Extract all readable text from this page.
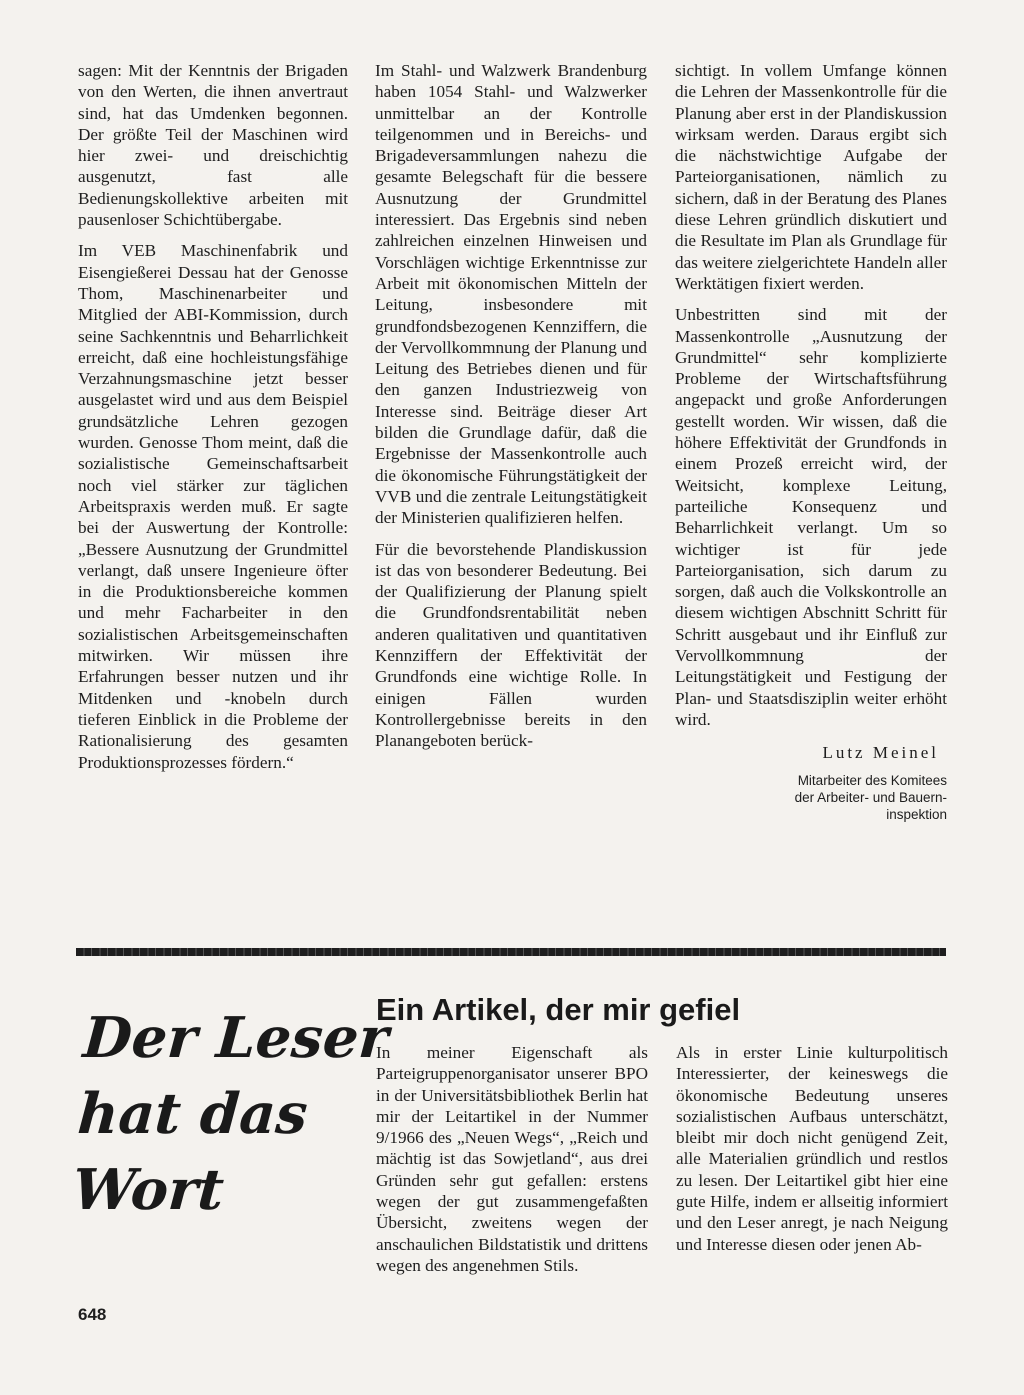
sagen: Mit der Kenntnis der Brigaden von den Werten, die ihnen anvertraut sind, hat das Umdenken begonnen. Der größte Teil der Maschinen wird hier zwei- und dreischichtig ausgenutzt, fast alle Bedienungskollektive arbeiten mit pausenloser Schichtübergabe.

Im VEB Maschinenfabrik und Eisengießerei Dessau hat der Genosse Thom, Maschinenarbeiter und Mitglied der ABI-Kommission, durch seine Sachkenntnis und Beharrlichkeit erreicht, daß eine hochleistungsfähige Verzahnungsmaschine jetzt besser ausgelastet wird und aus dem Beispiel grundsätzliche Lehren gezogen wurden. Genosse Thom meint, daß die sozialistische Gemeinschaftsarbeit noch viel stärker zur täglichen Arbeitspraxis werden muß. Er sagte bei der Auswertung der Kontrolle: „Bessere Ausnutzung der Grundmittel verlangt, daß unsere Ingenieure öfter in die Produktionsbereiche kommen und mehr Facharbeiter in den sozialistischen Arbeitsgemeinschaften mitwirken. Wir müssen ihre Erfahrungen besser nutzen und ihr Mitdenken und -knobeln durch tieferen Einblick in die Probleme der Rationalisierung des gesamten Produktionsprozesses fördern.“

Im Stahl- und Walzwerk Brandenburg haben 1054 Stahl- und Walzwerker unmittelbar an der Kontrolle teilgenommen und in Bereichs- und Brigadeversammlungen nahezu die gesamte Belegschaft für die bessere Ausnutzung der Grundmittel interessiert. Das Ergebnis sind neben zahlreichen einzelnen Hinweisen und Vorschlägen wichtige Erkenntnisse zur Arbeit mit ökonomischen Mitteln der Leitung, insbesondere mit grundfondsbezogenen Kennziffern, die der Vervollkommnung der Planung und Leitung des Betriebes dienen und für den ganzen Industriezweig von Interesse sind. Beiträge dieser Art bilden die Grundlage dafür, daß die Ergebnisse der Massenkontrolle auch die ökonomische Führungstätigkeit der VVB und die zentrale Leitungstätigkeit der Ministerien qualifizieren helfen.

Für die bevorstehende Plandiskussion ist das von besonderer Bedeutung. Bei der Qualifizierung der Planung spielt die Grundfondsrentabilität neben anderen qualitativen und quantitativen Kennziffern der Effektivität der Grundfonds eine wichtige Rolle. In einigen Fällen wurden Kontrollergebnisse bereits in den Planangeboten berück-

sichtigt. In vollem Umfange können die Lehren der Massenkontrolle für die Planung aber erst in der Plandiskussion wirksam werden. Daraus ergibt sich die nächstwichtige Aufgabe der Parteiorganisationen, nämlich zu sichern, daß in der Beratung des Planes diese Lehren gründlich diskutiert und die Resultate im Plan als Grundlage für das weitere zielgerichtete Handeln aller Werktätigen fixiert werden.

Unbestritten sind mit der Massenkontrolle „Ausnutzung der Grundmittel“ sehr komplizierte Probleme der Wirtschaftsführung angepackt und große Anforderungen gestellt worden. Wir wissen, daß die höhere Effektivität der Grundfonds in einem Prozeß erreicht wird, der Weitsicht, komplexe Leitung, parteiliche Konsequenz und Beharrlichkeit verlangt. Um so wichtiger ist für jede Parteiorganisation, sich darum zu sorgen, daß auch die Volkskontrolle an diesem wichtigen Abschnitt Schritt für Schritt ausgebaut und ihr Einfluß zur Vervollkommnung der Leitungstätigkeit und Festigung der Plan- und Staatsdisziplin weiter erhöht wird.

Lutz Meinel
Mitarbeiter des Komitees
der Arbeiter- und Bauern-
inspektion
Der Leser
hat das
Wort
Ein Artikel, der mir gefiel

In meiner Eigenschaft als Parteigruppenorganisator unserer BPO in der Universitätsbibliothek Berlin hat mir der Leitartikel in der Nummer 9/1966 des „Neuen Wegs“, „Reich und mächtig ist das Sowjetland“, aus drei Gründen sehr gut gefallen: erstens wegen der gut zusammengefaßten Übersicht, zweitens wegen der anschaulichen Bildstatistik und drittens wegen des angenehmen Stils.

Als in erster Linie kulturpolitisch Interessierter, der keineswegs die ökonomische Bedeutung unseres sozialistischen Aufbaus unterschätzt, bleibt mir doch nicht genügend Zeit, alle Materialien gründlich und restlos zu lesen. Der Leitartikel gibt hier eine gute Hilfe, indem er allseitig informiert und den Leser anregt, je nach Neigung und Interesse diesen oder jenen Ab-

648
